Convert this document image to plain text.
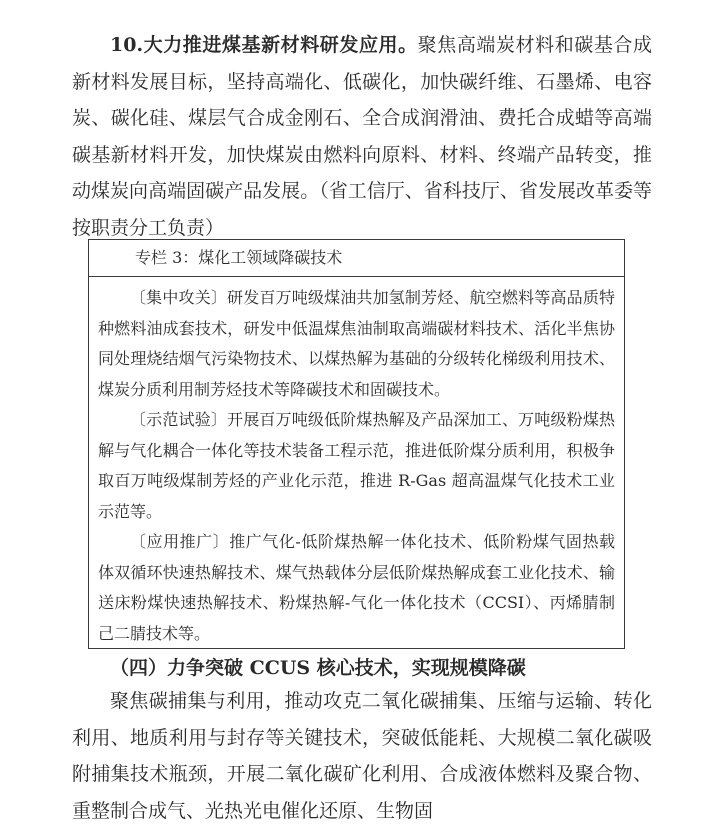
10.大力推进煤基新材料研发应用。聚焦高端炭材料和碳基合成新材料发展目标，坚持高端化、低碳化，加快碳纤维、石墨烯、电容炭、碳化硅、煤层气合成金刚石、全合成润滑油、费托合成蜡等高端碳基新材料开发，加快煤炭由燃料向原料、材料、终端产品转变，推动煤炭向高端固碳产品发展。（省工信厅、省科技厅、省发展改革委等按职责分工负责）

专栏 3：煤化工领域降碳技术

〔集中攻关〕研发百万吨级煤油共加氢制芳烃、航空燃料等高品质特种燃料油成套技术，研发中低温煤焦油制取高端碳材料技术、活化半焦协同处理烧结烟气污染物技术、以煤热解为基础的分级转化梯级利用技术、煤炭分质利用制芳烃技术等降碳技术和固碳技术。

〔示范试验〕开展百万吨级低阶煤热解及产品深加工、万吨级粉煤热解与气化耦合一体化等技术装备工程示范，推进低阶煤分质利用，积极争取百万吨级煤制芳烃的产业化示范，推进 R-Gas 超高温煤气化技术工业示范等。

〔应用推广〕推广气化-低阶煤热解一体化技术、低阶粉煤气固热载体双循环快速热解技术、煤气热载体分层低阶煤热解成套工业化技术、输送床粉煤快速热解技术、粉煤热解-气化一体化技术（CCSI）、丙烯腈制己二腈技术等。

（四）力争突破 CCUS 核心技术，实现规模降碳

聚焦碳捕集与利用，推动攻克二氧化碳捕集、压缩与运输、转化利用、地质利用与封存等关键技术，突破低能耗、大规模二氧化碳吸附捕集技术瓶颈，开展二氧化碳矿化利用、合成液体燃料及聚合物、重整制合成气、光热光电催化还原、生物固
